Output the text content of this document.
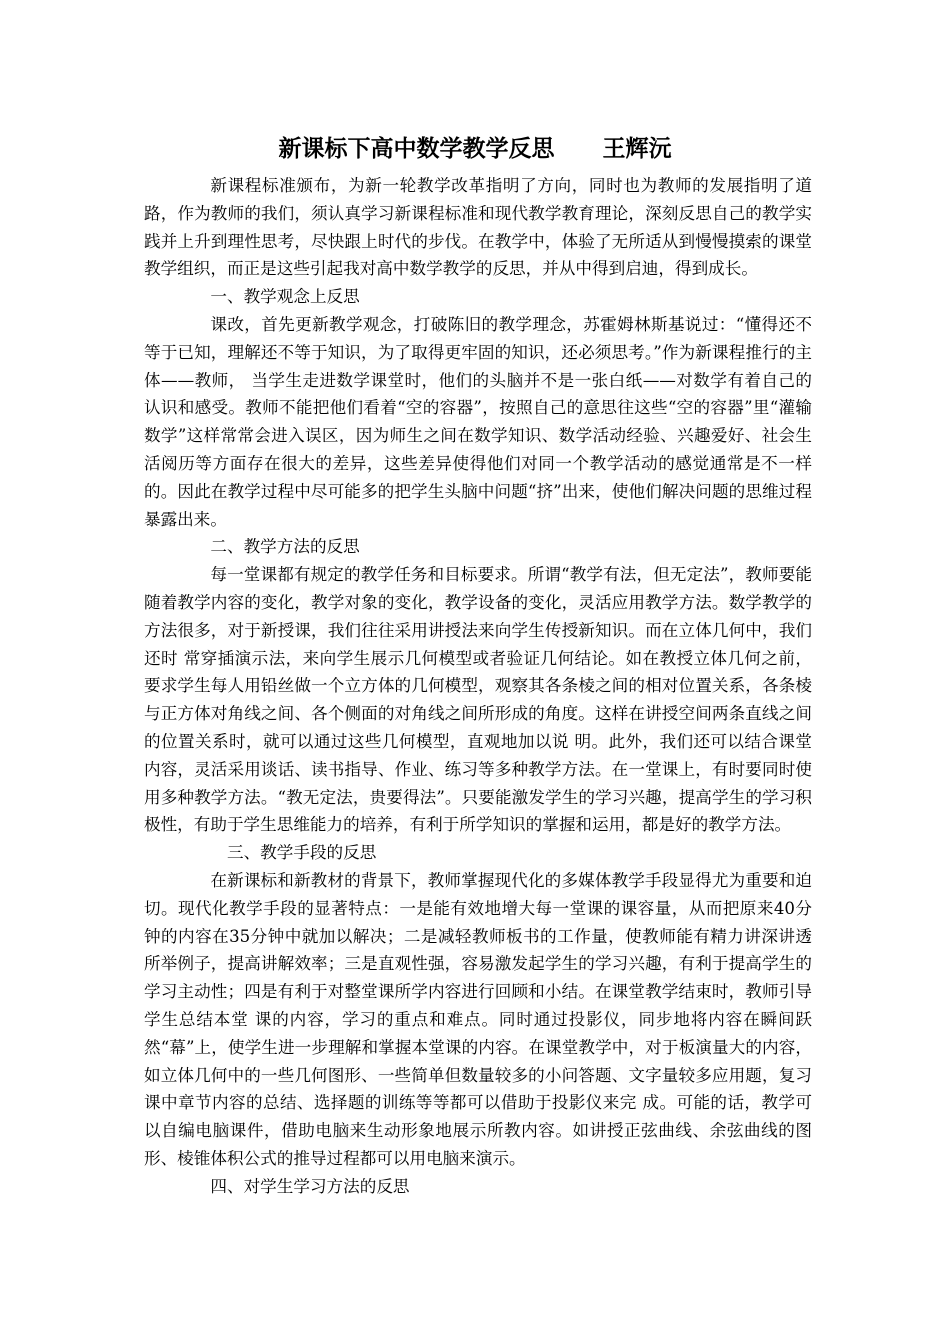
新课标下高中数学教学反思      王辉沅

新课程标准颁布，为新一轮教学改革指明了方向，同时也为教师的发展指明了道路，作为教师的我们，须认真学习新课程标准和现代教学教育理论，深刻反思自己的教学实践并上升到理性思考，尽快跟上时代的步伐。在教学中，体验了无所适从到慢慢摸索的课堂教学组织，而正是这些引起我对高中数学教学的反思，并从中得到启迪，得到成长。

一、教学观念上反思

课改，首先更新教学观念，打破陈旧的教学理念，苏霍姆林斯基说过：“懂得还不等于已知，理解还不等于知识，为了取得更牢固的知识，还必须思考。”作为新课程推行的主体——教师， 当学生走进数学课堂时，他们的头脑并不是一张白纸——对数学有着自己的认识和感受。教师不能把他们看着“空的容器”，按照自己的意思往这些“空的容器”里“灌输数学”这样常常会进入误区，因为师生之间在数学知识、数学活动经验、兴趣爱好、社会生活阅历等方面存在很大的差异，这些差异使得他们对同一个教学活动的感觉通常是不一样的。因此在教学过程中尽可能多的把学生头脑中问题“挤”出来，使他们解决问题的思维过程暴露出来。

二、教学方法的反思

每一堂课都有规定的教学任务和目标要求。所谓“教学有法，但无定法”，教师要能随着教学内容的变化，教学对象的变化，教学设备的变化，灵活应用教学方法。数学教学的方法很多，对于新授课，我们往往采用讲授法来向学生传授新知识。而在立体几何中，我们还时 常穿插演示法，来向学生展示几何模型或者验证几何结论。如在教授立体几何之前，要求学生每人用铅丝做一个立方体的几何模型，观察其各条棱之间的相对位置关系，各条棱与正方体对角线之间、各个侧面的对角线之间所形成的角度。这样在讲授空间两条直线之间的位置关系时，就可以通过这些几何模型，直观地加以说 明。此外，我们还可以结合课堂内容，灵活采用谈话、读书指导、作业、练习等多种教学方法。在一堂课上，有时要同时使用多种教学方法。“教无定法，贵要得法”。只要能激发学生的学习兴趣，提高学生的学习积极性，有助于学生思维能力的培养，有利于所学知识的掌握和运用，都是好的教学方法。

三、教学手段的反思

在新课标和新教材的背景下，教师掌握现代化的多媒体教学手段显得尤为重要和迫切。现代化教学手段的显著特点：一是能有效地增大每一堂课的课容量，从而把原来40分钟的内容在35分钟中就加以解决；二是减轻教师板书的工作量，使教师能有精力讲深讲透所举例子，提高讲解效率；三是直观性强，容易激发起学生的学习兴趣，有利于提高学生的学习主动性；四是有利于对整堂课所学内容进行回顾和小结。在课堂教学结束时，教师引导学生总结本堂 课的内容，学习的重点和难点。同时通过投影仪，同步地将内容在瞬间跃然“幕”上，使学生进一步理解和掌握本堂课的内容。在课堂教学中，对于板演量大的内容，如立体几何中的一些几何图形、一些简单但数量较多的小问答题、文字量较多应用题，复习课中章节内容的总结、选择题的训练等等都可以借助于投影仪来完 成。可能的话，教学可以自编电脑课件，借助电脑来生动形象地展示所教内容。如讲授正弦曲线、余弦曲线的图形、棱锥体积公式的推导过程都可以用电脑来演示。

四、对学生学习方法的反思
